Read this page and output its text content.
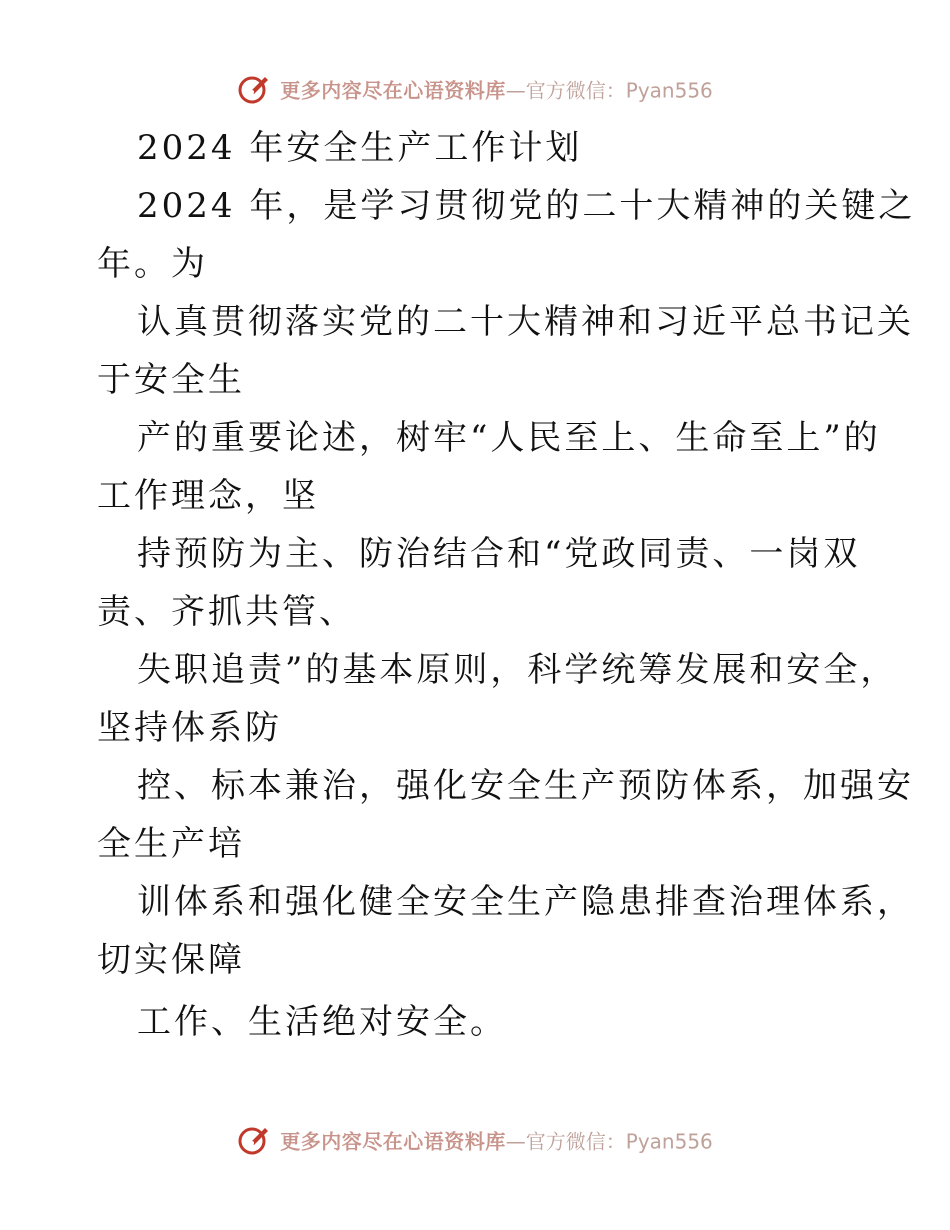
更多内容尽在心语资料库—官方微信：Pyan556
2024 年安全生产工作计划
2024 年，是学习贯彻党的二十大精神的关键之
年。为
认真贯彻落实党的二十大精神和习近平总书记关
于安全生
产的重要论述，树牢“人民至上、生命至上”的
工作理念，坚
持预防为主、防治结合和“党政同责、一岗双
责、齐抓共管、
失职追责”的基本原则，科学统筹发展和安全，
坚持体系防
控、标本兼治，强化安全生产预防体系，加强安
全生产培
训体系和强化健全安全生产隐患排查治理体系，
切实保障
工作、生活绝对安全。
更多内容尽在心语资料库—官方微信：Pyan556
